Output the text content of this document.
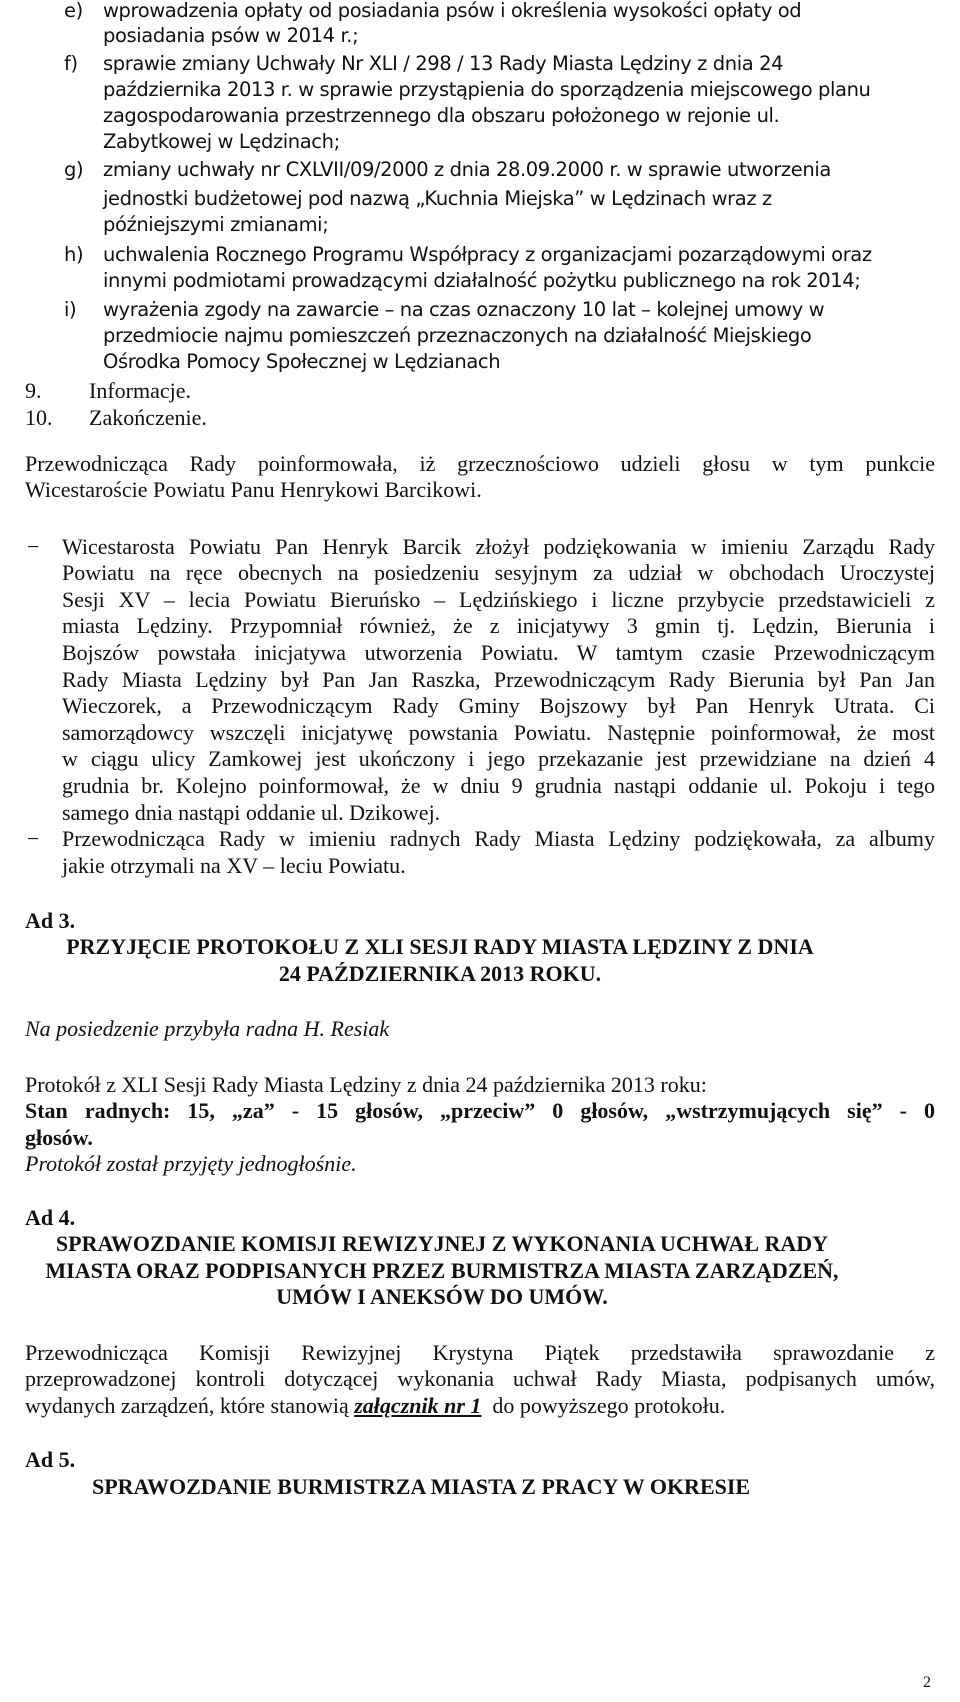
e) wprowadzenia opłaty od posiadania psów i określenia wysokości opłaty od
posiadania psów w 2014 r.;
f) sprawie zmiany Uchwały Nr XLI / 298 / 13 Rady Miasta Lędziny z dnia 24
października 2013 r. w sprawie przystąpienia do sporządzenia miejscowego planu
zagospodarowania przestrzennego dla obszaru położonego w rejonie ul.
Zabytkowej w Lędzinach;
g) zmiany uchwały nr CXLVII/09/2000 z dnia 28.09.2000 r. w sprawie utworzenia
jednostki budżetowej pod nazwą „Kuchnia Miejska” w Lędzinach wraz z
późniejszymi zmianami;
h) uchwalenia Rocznego Programu Współpracy z organizacjami pozarządowymi oraz
innymi podmiotami prowadzącymi działalność pożytku publicznego na rok 2014;
i) wyrażenia zgody na zawarcie – na czas oznaczony 10 lat – kolejnej umowy w
przedmiocie najmu pomieszczeń przeznaczonych na działalność Miejskiego
Ośrodka Pomocy Społecznej w Lędzianach
9. Informacje.
10. Zakończenie.
Przewodnicząca Rady poinformowała, iż grzecznościowo udzieli głosu w tym punkcie
Wicestaroście Powiatu Panu Henrykowi Barcikowi.
− Wicestarosta Powiatu Pan Henryk Barcik złożył podziękowania w imieniu Zarządu Rady
Powiatu na ręce obecnych na posiedzeniu sesyjnym za udział w obchodach Uroczystej
Sesji XV – lecia Powiatu Bieruńsko – Lędzińskiego i liczne przybycie przedstawicieli z
miasta Lędziny. Przypomniał również, że z inicjatywy 3 gmin tj. Lędzin, Bierunia i
Bojszów powstała inicjatywa utworzenia Powiatu. W tamtym czasie Przewodniczącym
Rady Miasta Lędziny był Pan Jan Raszka, Przewodniczącym Rady Bierunia był Pan Jan
Wieczorek, a Przewodniczącym Rady Gminy Bojszowy był Pan Henryk Utrata. Ci
samorządowcy wszczęli inicjatywę powstania Powiatu. Następnie poinformował, że most
w ciągu ulicy Zamkowej jest ukończony i jego przekazanie jest przewidziane na dzień 4
grudnia br. Kolejno poinformował, że w dniu 9 grudnia nastąpi oddanie ul. Pokoju i tego
samego dnia nastąpi oddanie ul. Dzikowej.
− Przewodnicząca Rady w imieniu radnych Rady Miasta Lędziny podziękowała, za albumy
jakie otrzymali na XV – leciu Powiatu.
Ad 3.
PRZYJĘCIE PROTOKOŁU Z XLI SESJI RADY MIASTA LĘDZINY Z DNIA
24 PAŹDZIERNIKA 2013 ROKU.
Na posiedzenie przybyła radna H. Resiak
Protokół z XLI Sesji Rady Miasta Lędziny z dnia 24 października 2013 roku:
Stan radnych: 15, „za” - 15 głosów, „przeciw” 0 głosów, „wstrzymujących się” - 0
głosów.
Protokół został przyjęty jednogłośnie.
Ad 4.
SPRAWOZDANIE KOMISJI REWIZYJNEJ Z WYKONANIA UCHWAŁ RADY
MIASTA ORAZ PODPISANYCH PRZEZ BURMISTRZA MIASTA ZARZĄDZEŃ,
UMÓW I ANEKSÓW DO UMÓW.
Przewodnicząca Komisji Rewizyjnej Krystyna Piątek przedstawiła sprawozdanie z
przeprowadzonej kontroli dotyczącej wykonania uchwał Rady Miasta, podpisanych umów,
wydanych zarządzeń, które stanowią załącznik nr 1  do powyższego protokołu.
Ad 5.
SPRAWOZDANIE BURMISTRZA MIASTA Z PRACY W OKRESIE
2
